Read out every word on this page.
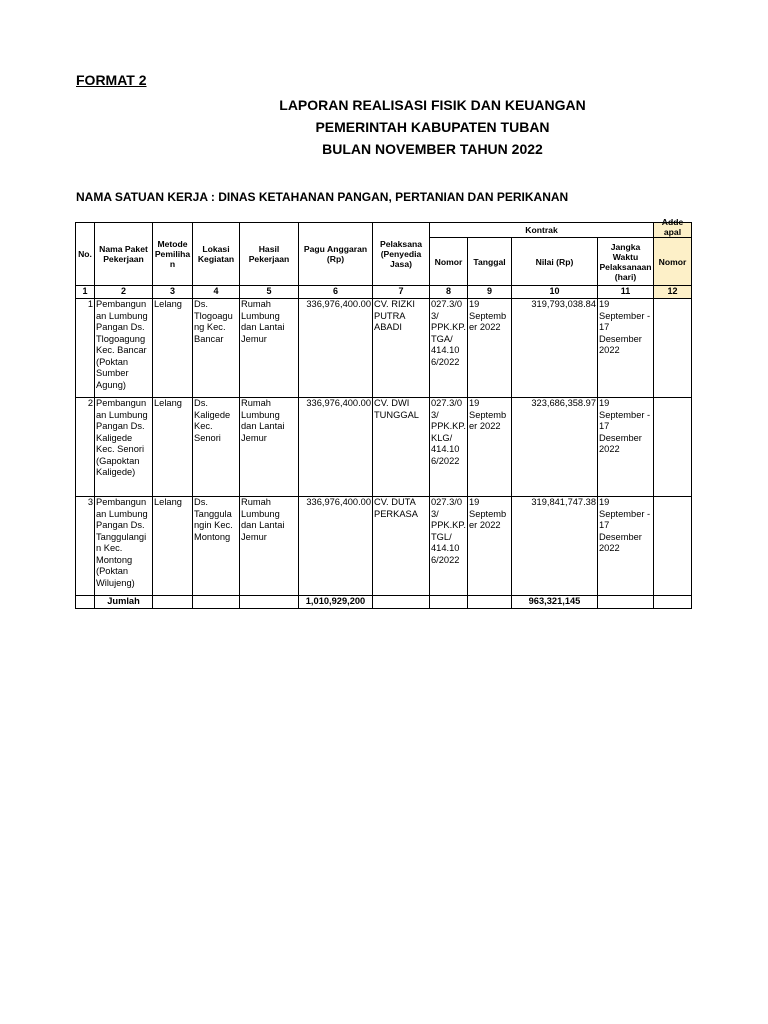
FORMAT 2
LAPORAN REALISASI FISIK DAN KEUANGAN
PEMERINTAH KABUPATEN TUBAN
BULAN NOVEMBER TAHUN 2022
NAMA SATUAN KERJA : DINAS KETAHANAN PANGAN, PERTANIAN DAN PERIKANAN
No.	Nama Paket Pekerjaan	Metode Pemiliha n	Lokasi Kegiatan	Hasil Pekerjaan	Pagu Anggaran (Rp)	Pelaksana (Penyedia Jasa)	Kontrak				Adde
apal

							Nomor	Tanggal	Nilai (Rp)	Jangka Waktu Pelaksanaan (hari)	Nomor
1	2	3	4	5	6	7	8	9	10	11	12
1	Pembangun an Lumbung Pangan Ds. Tlogoagung Kec. Bancar (Poktan Sumber Agung)	Lelang	Ds. Tlogoagu ng Kec. Bancar	Rumah Lumbung dan Lantai Jemur	336,976,400.00	CV. RIZKI PUTRA ABADI	027.3/0 3/ PPK.KP. TGA/ 414.10 6/2022	19 Septemb er 2022	319,793,038.84	19 September - 17 Desember 2022	
2	Pembangun an Lumbung Pangan Ds. Kaligede Kec. Senori (Gapoktan Kaligede)	Lelang	Ds. Kaligede Kec. Senori	Rumah Lumbung dan Lantai Jemur	336,976,400.00	CV. DWI TUNGGAL	027.3/0 3/ PPK.KP. KLG/ 414.10 6/2022	19 Septemb er 2022	323,686,358.97	19 September - 17 Desember 2022	
3	Pembangun an Lumbung Pangan Ds. Tanggulangi n Kec. Montong (Poktan Wilujeng)	Lelang	Ds. Tanggula ngin Kec. Montong	Rumah Lumbung dan Lantai Jemur	336,976,400.00	CV. DUTA PERKASA	027.3/0 3/ PPK.KP. TGL/ 414.10 6/2022	19 Septemb er 2022	319,841,747.38	19 September - 17 Desember 2022	
	Jumlah				1,010,929,200				963,321,145		
